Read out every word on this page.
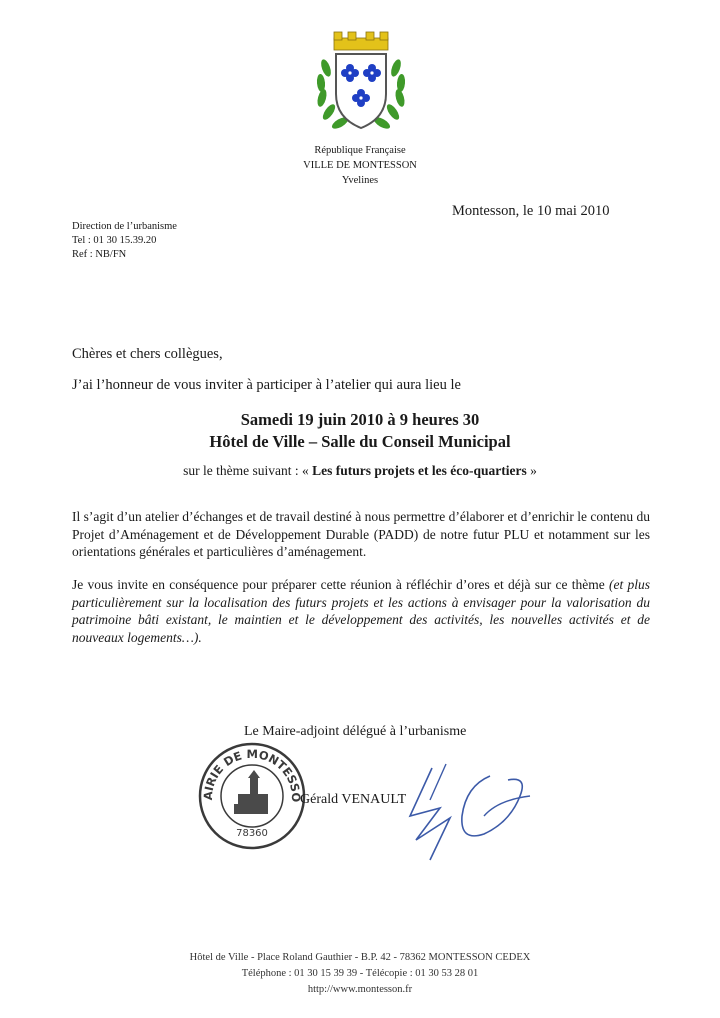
République Française
VILLE DE MONTESSON
Yvelines
Montesson, le 10 mai 2010
Direction de l’urbanisme
Tel : 01 30 15.39.20
Ref : NB/FN
Chères et chers collègues,
J’ai l’honneur de vous inviter à participer à l’atelier qui aura lieu le
Samedi 19 juin 2010 à 9 heures 30
Hôtel de Ville – Salle du Conseil Municipal
sur le thème suivant : « Les futurs projets et les éco-quartiers »
Il s’agit d’un atelier d’échanges et de travail destiné à nous permettre d’élaborer et d’enrichir le contenu du Projet d’Aménagement et de Développement Durable (PADD) de notre futur PLU et notamment sur les orientations générales et particulières d’aménagement.
Je vous invite en conséquence pour préparer cette réunion à réfléchir d’ores et déjà sur ce thème (et plus particulièrement sur la localisation des futurs projets et les actions à envisager pour la valorisation du patrimoine bâti existant, le maintien et le développement des activités, les nouvelles activités et de nouveaux logements…).
Le Maire-adjoint délégué à l’urbanisme
AIRIE DE MONTESSO
78360
Gérald VENAULT
Hôtel de Ville - Place Roland Gauthier - B.P. 42 - 78362 MONTESSON CEDEX
Téléphone : 01 30 15 39 39 - Télécopie : 01 30 53 28 01
http://www.montesson.fr
